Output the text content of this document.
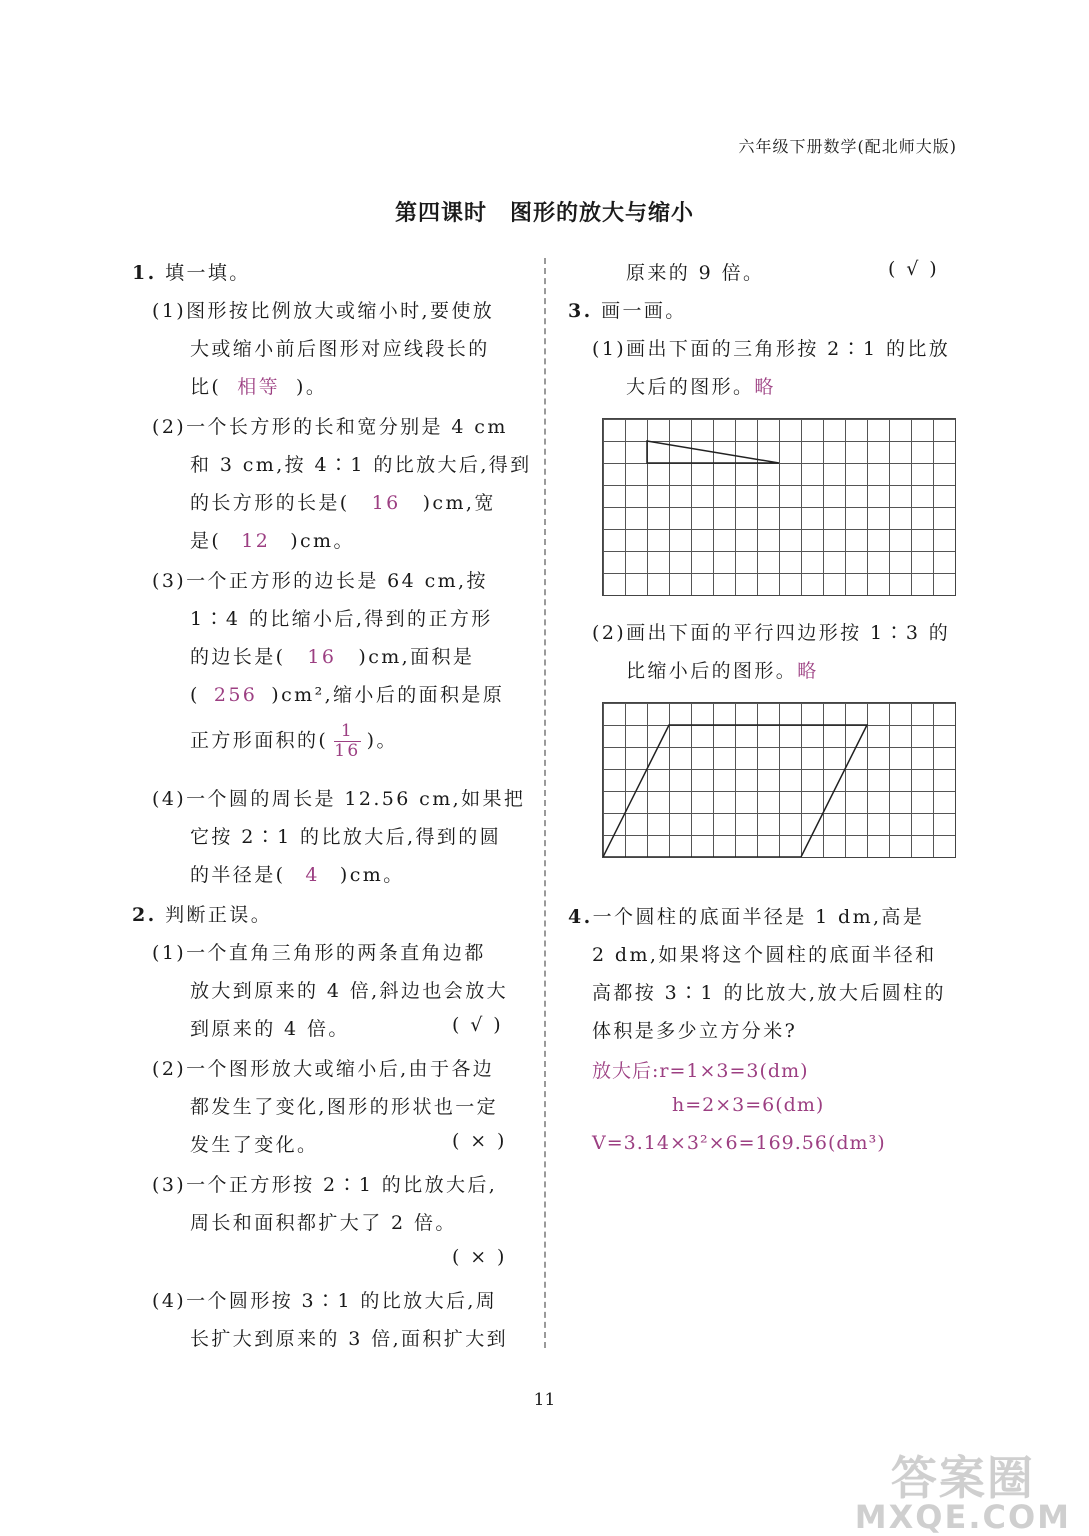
六年级下册数学(配北师大版)
第四课时　图形的放大与缩小
1. 填一填。
(1)图形按比例放大或缩小时,要使放
大或缩小前后图形对应线段长的
比( 相等 )。
(2)一个长方形的长和宽分别是 4 cm
和 3 cm,按 4∶1 的比放大后,得到
的长方形的长是( 16 )cm,宽
是( 12 )cm。
(3)一个正方形的边长是 64 cm,按
1∶4 的比缩小后,得到的正方形
的边长是( 16 )cm,面积是
( 256 )cm²,缩小后的面积是原
正方形面积的( $\frac{1}{16}$ )。
(4)一个圆的周长是 12.56 cm,如果把
它按 2∶1 的比放大后,得到的圆
的半径是( 4 )cm。
2. 判断正误。
(1)一个直角三角形的两条直角边都
放大到原来的 4 倍,斜边也会放大
到原来的 4 倍。	( √ )
(2)一个图形放大或缩小后,由于各边
都发生了变化,图形的形状也一定
发生了变化。	( × )
(3)一个正方形按 2∶1 的比放大后,
周长和面积都扩大了 2 倍。
( × )
(4)一个圆形按 3∶1 的比放大后,周
长扩大到原来的 3 倍,面积扩大到
原来的 9 倍。	( √ )
3. 画一画。
(1)画出下面的三角形按 2∶1 的比放
大后的图形。略
(2)画出下面的平行四边形按 1∶3 的
比缩小后的图形。略
4.一个圆柱的底面半径是 1 dm,高是
2 dm,如果将这个圆柱的底面半径和
高都按 3∶1 的比放大,放大后圆柱的
体积是多少立方分米?
放大后:r=1×3=3(dm)
h=2×3=6(dm)
V=3.14×3²×6=169.56(dm³)
11
答案圈
MXQE.COM
